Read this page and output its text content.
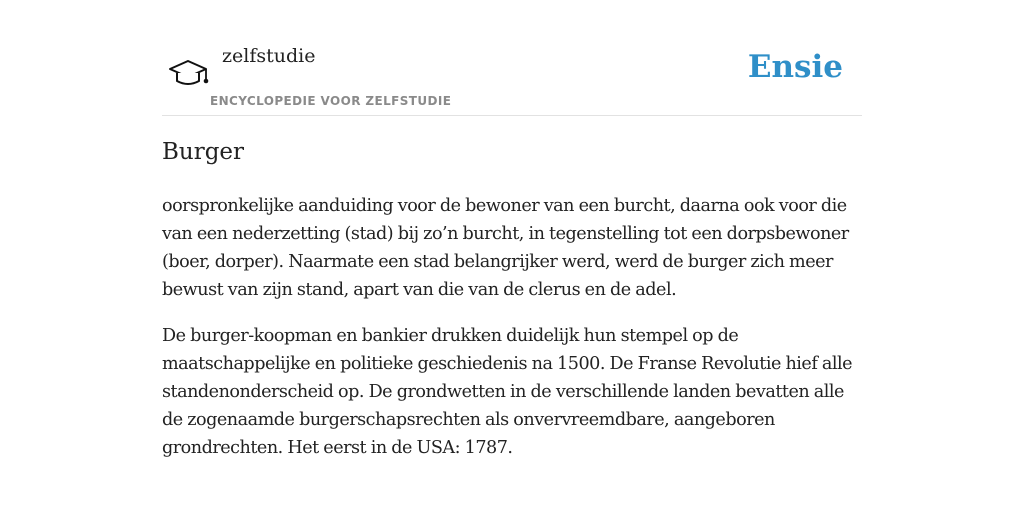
zelfstudie
ENCYCLOPEDIE VOOR ZELFSTUDIE
Ensie
Burger

oorspronkelijke aanduiding voor de bewoner van een burcht, daarna ook voor die van een nederzetting (stad) bij zo’n burcht, in tegenstelling tot een dorpsbewoner (boer, dorper). Naarmate een stad belangrijker werd, werd de burger zich meer bewust van zijn stand, apart van die van de clerus en de adel.

De burger-koopman en bankier drukken duidelijk hun stempel op de maatschappelijke en politieke geschiedenis na 1500. De Franse Revolutie hief alle standenonderscheid op. De grondwetten in de verschillende landen bevatten alle de zogenaamde burgerschapsrechten als onvervreemdbare, aangeboren grondrechten. Het eerst in de USA: 1787.
